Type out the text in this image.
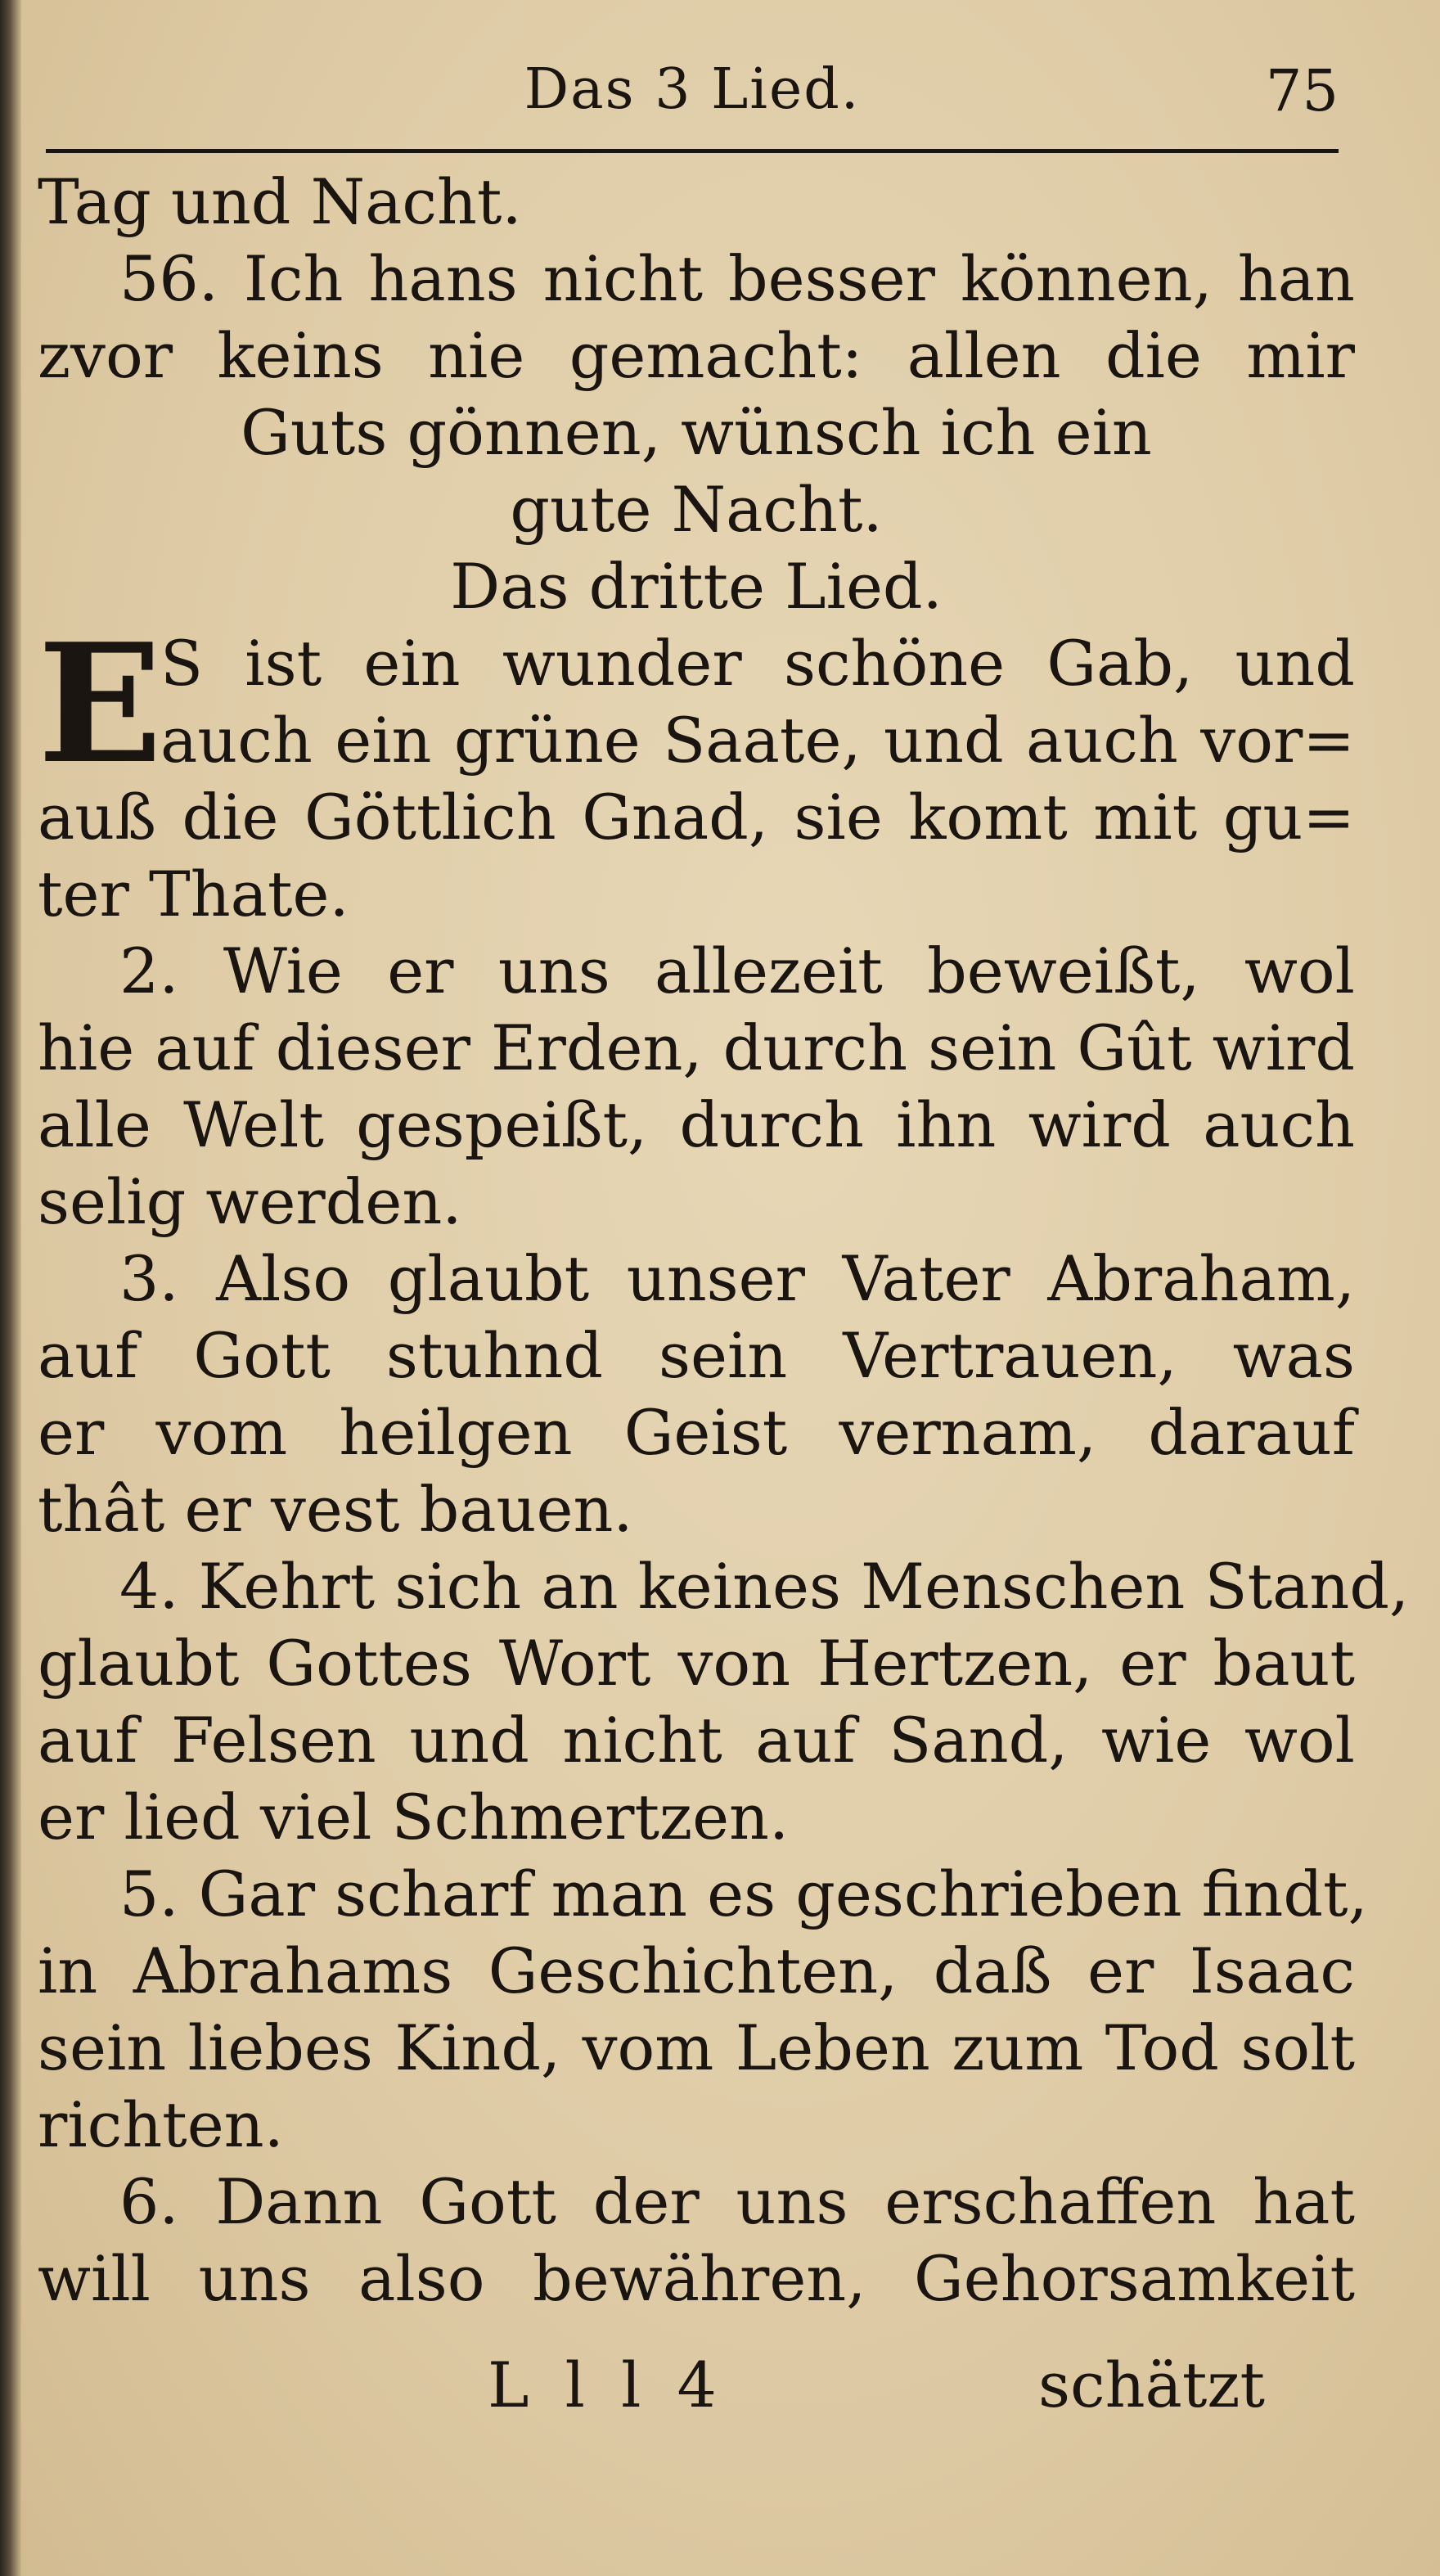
Das 3 Lied.	75
Tag und Nacht.
56. Ich hans nicht besser können, han
zvor keins nie gemacht: allen die mir
Guts gönnen, wünsch ich ein
gute Nacht.
Das dritte Lied.
E
S ist ein wunder schöne Gab, und
auch ein grüne Saate, und auch vor=
auß die Göttlich Gnad, sie komt mit gu=
ter Thate.
2. Wie er uns allezeit beweißt, wol
hie auf dieser Erden, durch sein Gût wird
alle Welt gespeißt, durch ihn wird auch
selig werden.
3. Also glaubt unser Vater Abraham,
auf Gott stuhnd sein Vertrauen, was
er vom heilgen Geist vernam, darauf
thât er vest bauen.
4. Kehrt sich an keines Menschen Stand,
glaubt Gottes Wort von Hertzen, er baut
auf Felsen und nicht auf Sand, wie wol
er lied viel Schmertzen.
5. Gar scharf man es geschrieben findt,
in Abrahams Geschichten, daß er Isaac
sein liebes Kind, vom Leben zum Tod solt
richten.
6. Dann Gott der uns erschaffen hat
will uns also bewähren, Gehorsamkeit
L l l 4	schätzt
